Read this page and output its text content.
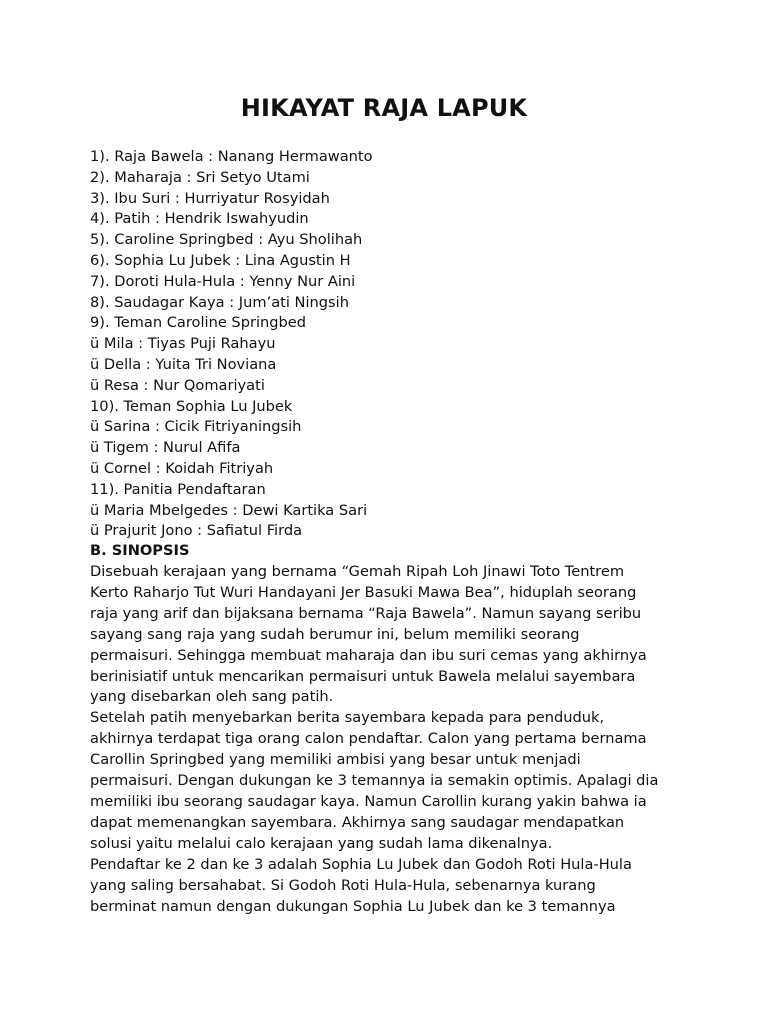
HIKAYAT RAJA LAPUK
1). Raja Bawela : Nanang Hermawanto
2). Maharaja : Sri Setyo Utami
3). Ibu Suri : Hurriyatur Rosyidah
4). Patih : Hendrik Iswahyudin
5). Caroline Springbed : Ayu Sholihah
6). Sophia Lu Jubek : Lina Agustin H
7). Doroti Hula-Hula : Yenny Nur Aini
8). Saudagar Kaya : Jum’ati Ningsih
9). Teman Caroline Springbed
ü Mila : Tiyas Puji Rahayu
ü Della : Yuita Tri Noviana
ü Resa : Nur Qomariyati
10). Teman Sophia Lu Jubek
ü Sarina : Cicik Fitriyaningsih
ü Tigem : Nurul Afifa
ü Cornel : Koidah Fitriyah
11). Panitia Pendaftaran
ü Maria Mbelgedes : Dewi Kartika Sari
ü Prajurit Jono : Safiatul Firda
B. SINOPSIS
Disebuah kerajaan yang bernama “Gemah Ripah Loh Jinawi Toto Tentrem
Kerto Raharjo Tut Wuri Handayani Jer Basuki Mawa Bea”, hiduplah seorang
raja yang arif dan bijaksana bernama “Raja Bawela”. Namun sayang seribu
sayang sang raja yang sudah berumur ini, belum memiliki seorang
permaisuri. Sehingga membuat maharaja dan ibu suri cemas yang akhirnya
berinisiatif untuk mencarikan permaisuri untuk Bawela melalui sayembara
yang disebarkan oleh sang patih.
Setelah patih menyebarkan berita sayembara kepada para penduduk,
akhirnya terdapat tiga orang calon pendaftar. Calon yang pertama bernama
Carollin Springbed yang memiliki ambisi yang besar untuk menjadi
permaisuri. Dengan dukungan ke 3 temannya ia semakin optimis. Apalagi dia
memiliki ibu seorang saudagar kaya. Namun Carollin kurang yakin bahwa ia
dapat memenangkan sayembara. Akhirnya sang saudagar mendapatkan
solusi yaitu melalui calo kerajaan yang sudah lama dikenalnya.
Pendaftar ke 2 dan ke 3 adalah Sophia Lu Jubek dan Godoh Roti Hula-Hula
yang saling bersahabat. Si Godoh Roti Hula-Hula, sebenarnya kurang
berminat namun dengan dukungan Sophia Lu Jubek dan ke 3 temannya
